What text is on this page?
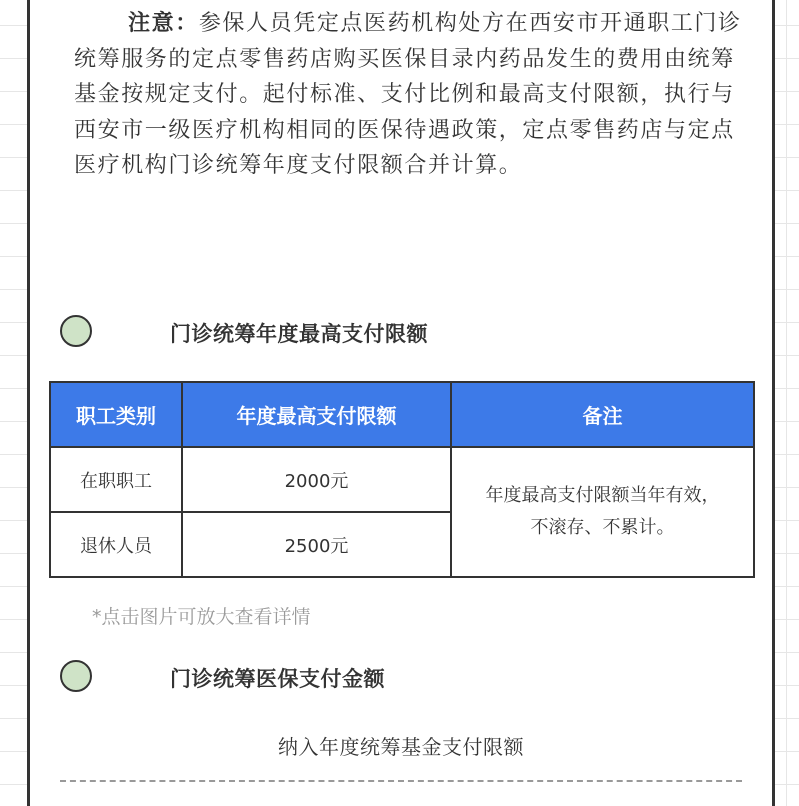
注意：参保人员凭定点医药机构处方在西安市开通职工门诊统筹服务的定点零售药店购买医保目录内药品发生的费用由统筹基金按规定支付。起付标准、支付比例和最高支付限额，执行与西安市一级医疗机构相同的医保待遇政策，定点零售药店与定点医疗机构门诊统筹年度支付限额合并计算。

门诊统筹年度最高支付限额
职工类别	年度最高支付限额	备注
在职职工	2000元	年度最高支付限额当年有效，
不滚存、不累计。

退休人员	2500元	
*点击图片可放大查看详情
门诊统筹医保支付金额
纳入年度统筹基金支付限额
